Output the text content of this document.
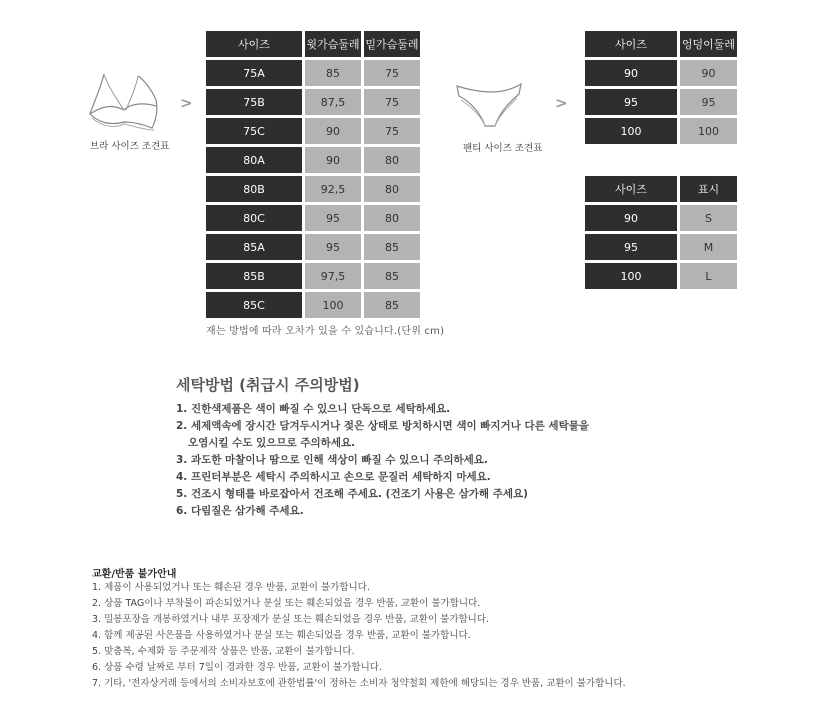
브라 사이즈 조견표	팬티 사이즈 조견표
>	>
사이즈	윗가슴둘레 밑가슴둘레
75A	85	75
75B	87,5	75
75C	90	75
80A	90	80
80B	92,5	80
80C	95	80
85A	95	85
85B	97,5	85
85C	100	85
재는 방법에 따라 오차가 있을 수 있습니다.(단위 cm)
사이즈	엉덩이둘레
90	90
95	95
100	100
사이즈	표시
90	S
95	M
100	L
세탁방법 (취급시 주의방법)
1. 진한색제품은 색이 빠질 수 있으니 단독으로 세탁하세요.
2. 세제액속에 장시간 담겨두시거나 젖은 상태로 방치하시면 색이 빠지거나 다른 세탁물을
오염시킬 수도 있으므로 주의하세요.
3. 과도한 마찰이나 땀으로 인해 색상이 빠질 수 있으니 주의하세요.
4. 프린터부분은 세탁시 주의하시고 손으로 문질러 세탁하지 마세요.
5. 건조시 형태를 바로잡아서 건조해 주세요. (건조기 사용은 삼가해 주세요)
6. 다림질은 삼가해 주세요.
교환/반품 불가안내
1. 제품이 사용되었거나 또는 훼손된 경우 반품, 교환이 불가합니다.
2. 상품 TAG이나 부착물이 파손되었거나 분실 또는 훼손되었을 경우 반품, 교환이 불가합니다.
3. 밀봉포장을 개봉하였거나 내부 포장재가 분실 또는 훼손되었을 경우 반품, 교환이 불가합니다.
4. 함께 제공된 사은품을 사용하였거나 분실 또는 훼손되었을 경우 반품, 교환이 불가합니다.
5. 맞춤복, 수제화 등 주문제작 상품은 반품, 교환이 불가합니다.
6. 상품 수령 날짜로 부터 7일이 경과한 경우 반품, 교환이 불가합니다.
7. 기타, '전자상거래 등에서의 소비자보호에 관한법률'이 정하는 소비자 청약철회 제한에 해당되는 경우 반품, 교환이 불가합니다.
